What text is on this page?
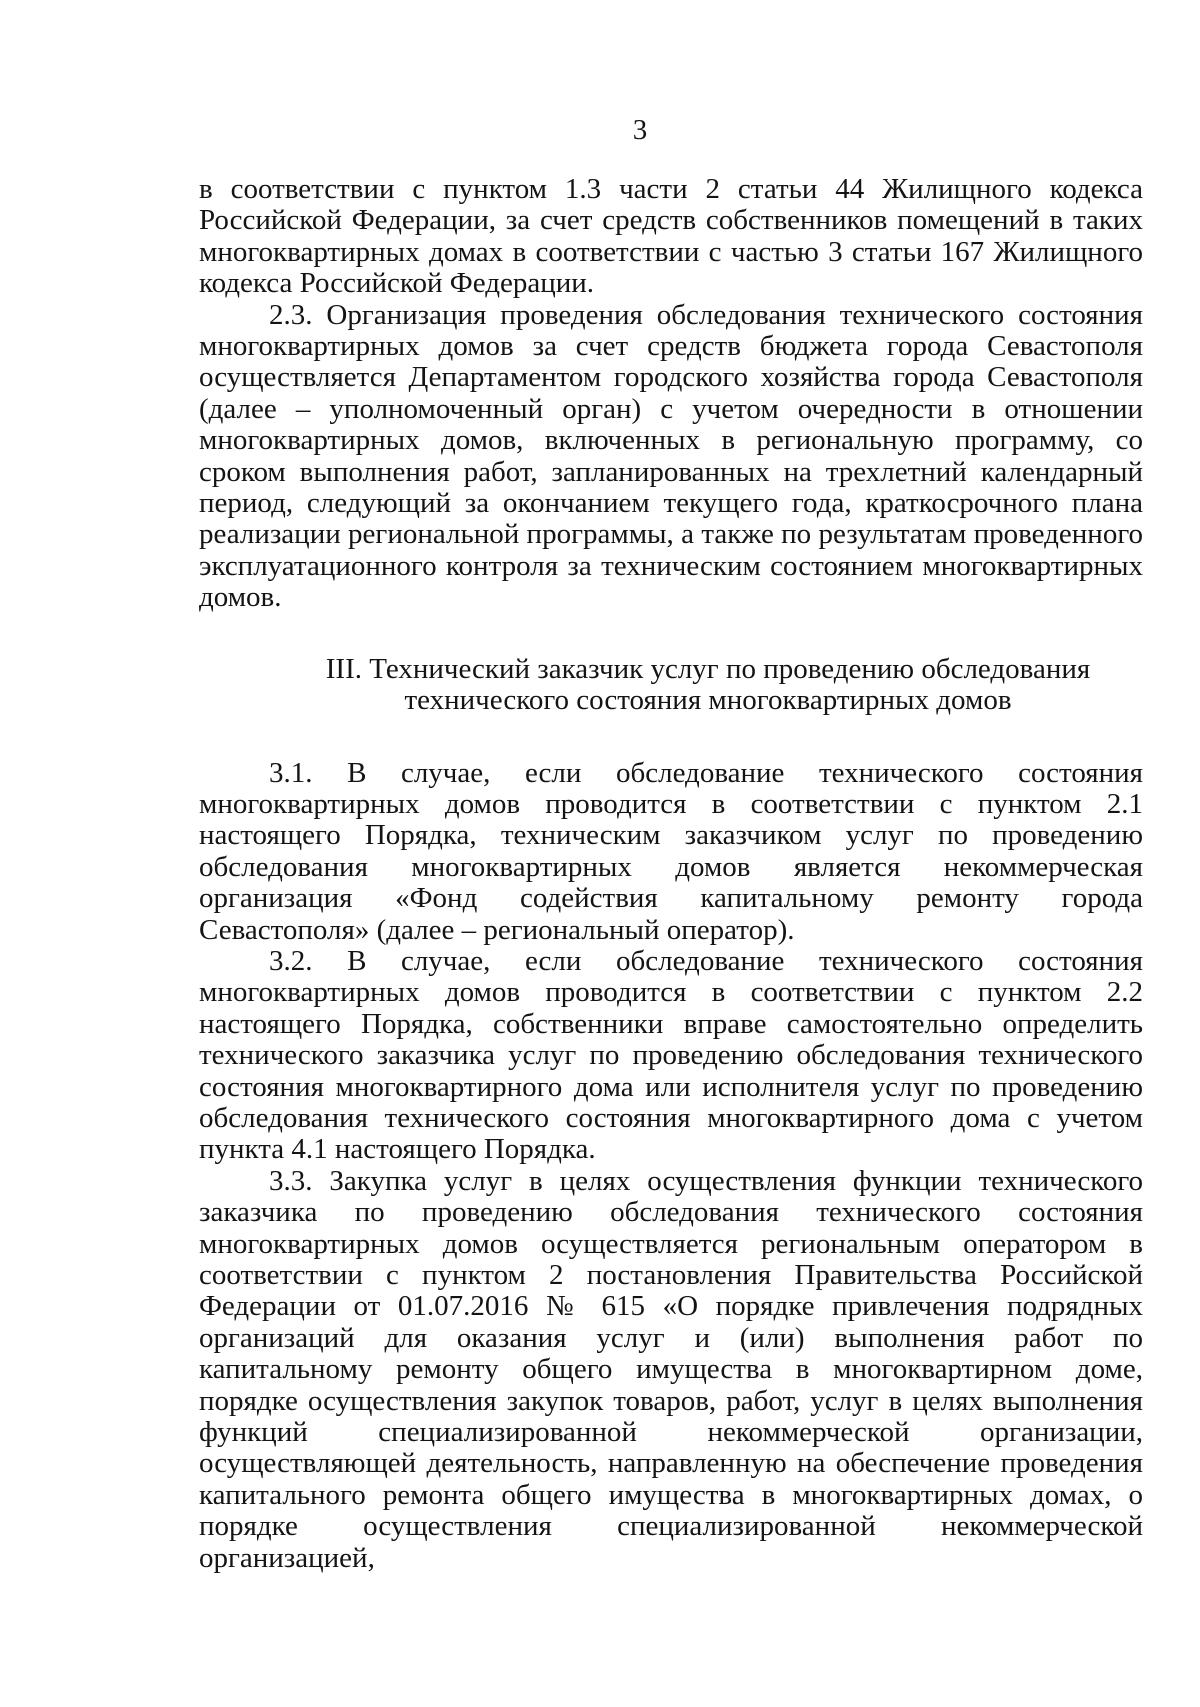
3

в соответствии с пунктом 1.3 части 2 статьи 44 Жилищного кодекса Российской Федерации, за счет средств собственников помещений в таких многоквартирных домах в соответствии с частью 3 статьи 167 Жилищного кодекса Российской Федерации.

2.3. Организация проведения обследования технического состояния многоквартирных домов за счет средств бюджета города Севастополя осуществляется Департаментом городского хозяйства города Севастополя (далее – уполномоченный орган) с учетом очередности в отношении многоквартирных домов, включенных в региональную программу, со сроком выполнения работ, запланированных на трехлетний календарный период, следующий за окончанием текущего года, краткосрочного плана реализации региональной программы, а также по результатам проведенного эксплуатационного контроля за техническим состоянием многоквартирных домов.

III. Технический заказчик услуг по проведению обследования
технического состояния многоквартирных домов

3.1. В случае, если обследование технического состояния многоквартирных домов проводится в соответствии с пунктом 2.1 настоящего Порядка, техническим заказчиком услуг по проведению обследования многоквартирных домов является некоммерческая организация «Фонд содействия капитальному ремонту города Севастополя» (далее – региональный оператор).

3.2. В случае, если обследование технического состояния многоквартирных домов проводится в соответствии с пунктом 2.2 настоящего Порядка, собственники вправе самостоятельно определить технического заказчика услуг по проведению обследования технического состояния многоквартирного дома или исполнителя услуг по проведению обследования технического состояния многоквартирного дома с учетом пункта 4.1 настоящего Порядка.

3.3. Закупка услуг в целях осуществления функции технического заказчика по проведению обследования технического состояния многоквартирных домов осуществляется региональным оператором в соответствии с пунктом 2 постановления Правительства Российской Федерации от 01.07.2016 № 615 «О порядке привлечения подрядных организаций для оказания услуг и (или) выполнения работ по капитальному ремонту общего имущества в многоквартирном доме, порядке осуществления закупок товаров, работ, услуг в целях выполнения функций специализированной некоммерческой организации, осуществляющей деятельность, направленную на обеспечение проведения капитального ремонта общего имущества в многоквартирных домах, о порядке осуществления специализированной некоммерческой организацией,
